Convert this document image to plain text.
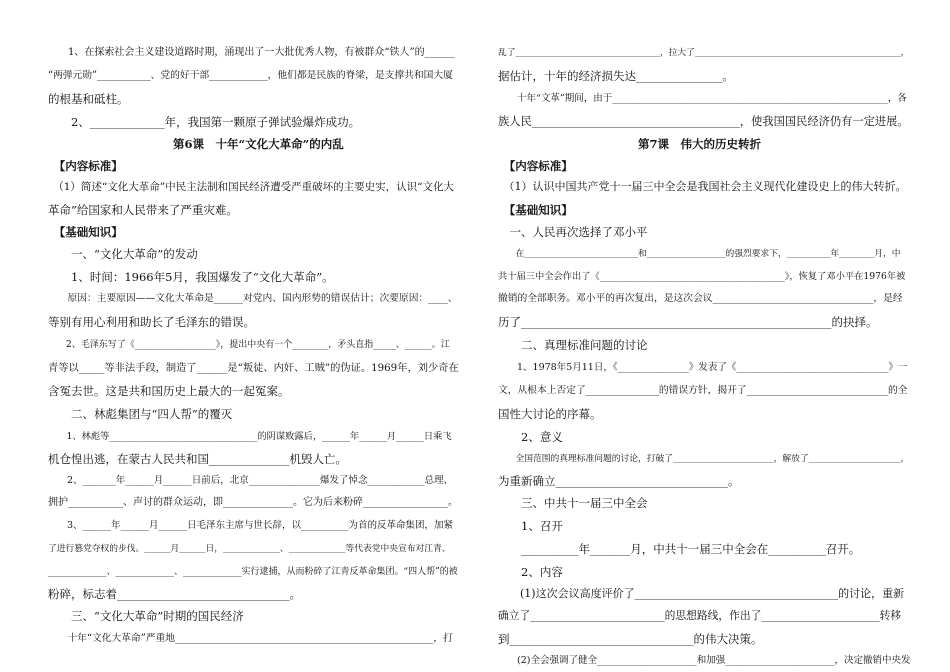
　　1、在探索社会主义建设道路时期，涌现出了一大批优秀人物，有被群众“铁人”的______
“两弹元勋”___________、党的好干部____________，他们都是民族的脊梁，是支撑共和国大厦
的根基和砥柱。
　　2、_____________年，我国第一颗原子弹试验爆炸成功。
第6课　十年“文化大革命”的内乱
　【内容标准】
　（1）简述“文化大革命”中民主法制和国民经济遭受严重破坏的主要史实，认识“文化大
革命”给国家和人民带来了严重灾难。
　【基础知识】
　　一、“文化大革命”的发动
　　1、时间：1966年5月，我国爆发了“文化大革命”。
　　原因：主要原因——文化大革命是______对党内、国内形势的错误估计；次要原因：____、
等别有用心利用和助长了毛泽东的错误。
　　2、毛泽东写了《__________________》，提出中央有一个________，矛头直指_____、______。江
青等以_____等非法手段，制造了______是“叛徒、内奸、工贼”的伪证。1969年，刘少奇在
含冤去世。这是共和国历史上最大的一起冤案。
　　二、林彪集团与“四人帮”的覆灭
　　1、林彪等________________________________的阴谋败露后，______年______月______日乘飞
机仓惶出逃，在蒙古人民共和国______________机毁人亡。
　　2、_______年______月______日前后，北京_______________爆发了悼念____________总理、
拥护___________、声讨的群众运动，即______________。它为后来粉碎_________________。
　　3、______年______月______日毛泽东主席与世长辞，以__________为首的反革命集团，加紧
了进行篡党夺权的步伐。______月______日，_____________、_____________等代表党中央宣布对江青、
_____________、_____________、_____________实行逮捕，从而粉碎了江青反革命集团。“四人帮”的被
粉碎，标志着______________________________。
　　三、“文化大革命”时期的国民经济
　　十年“文化大革命”严重地_____________________________________________________，打
乱了_________________________________，拉大了_______________________________________________，
据估计，十年的经济损失达_______________。
　　十年“文革”期间，由于__________________________________________________________，各
族人民_____________________________________，使我国国民经济仍有一定进展。
第7课　伟大的历史转折
　【内容标准】
　（1）认识中国共产党十一届三中全会是我国社会主义现代化建设史上的伟大转折。
　【基础知识】
　一、人民再次选择了邓小平
　　在__________________________和__________________的强烈要求下，__________年________月，中
共十届三中全会作出了《________________________________________》，恢复了邓小平在1976年被
撤销的全部职务。邓小平的再次复出，是这次会议_________________________________，是经
历了______________________________________________________的抉择。
　　二、真理标准问题的讨论
　　1、1978年5月11日，《_______________》发表了《________________________________》一
文，从根本上否定了_______________的错误方针，揭开了_____________________________的全
国性大讨论的序幕。
　　2、意义
　　全国范围的真理标准问题的讨论，打破了_______________________，解放了_____________________，
为重新确立______________________________。
　　三、中共十一届三中全会
　　1、召开
　　__________年_______月，中共十一届三中全会在__________召开。
　　2、内容
　　(1)这次会议高度评价了_____________________________________的讨论，重新
确立了_________________________的思想路线，作出了______________________转移
到________________________________的伟大决策。
　　(2)全会强调了健全_____________________和加强_______________________，决定撤销中央发
